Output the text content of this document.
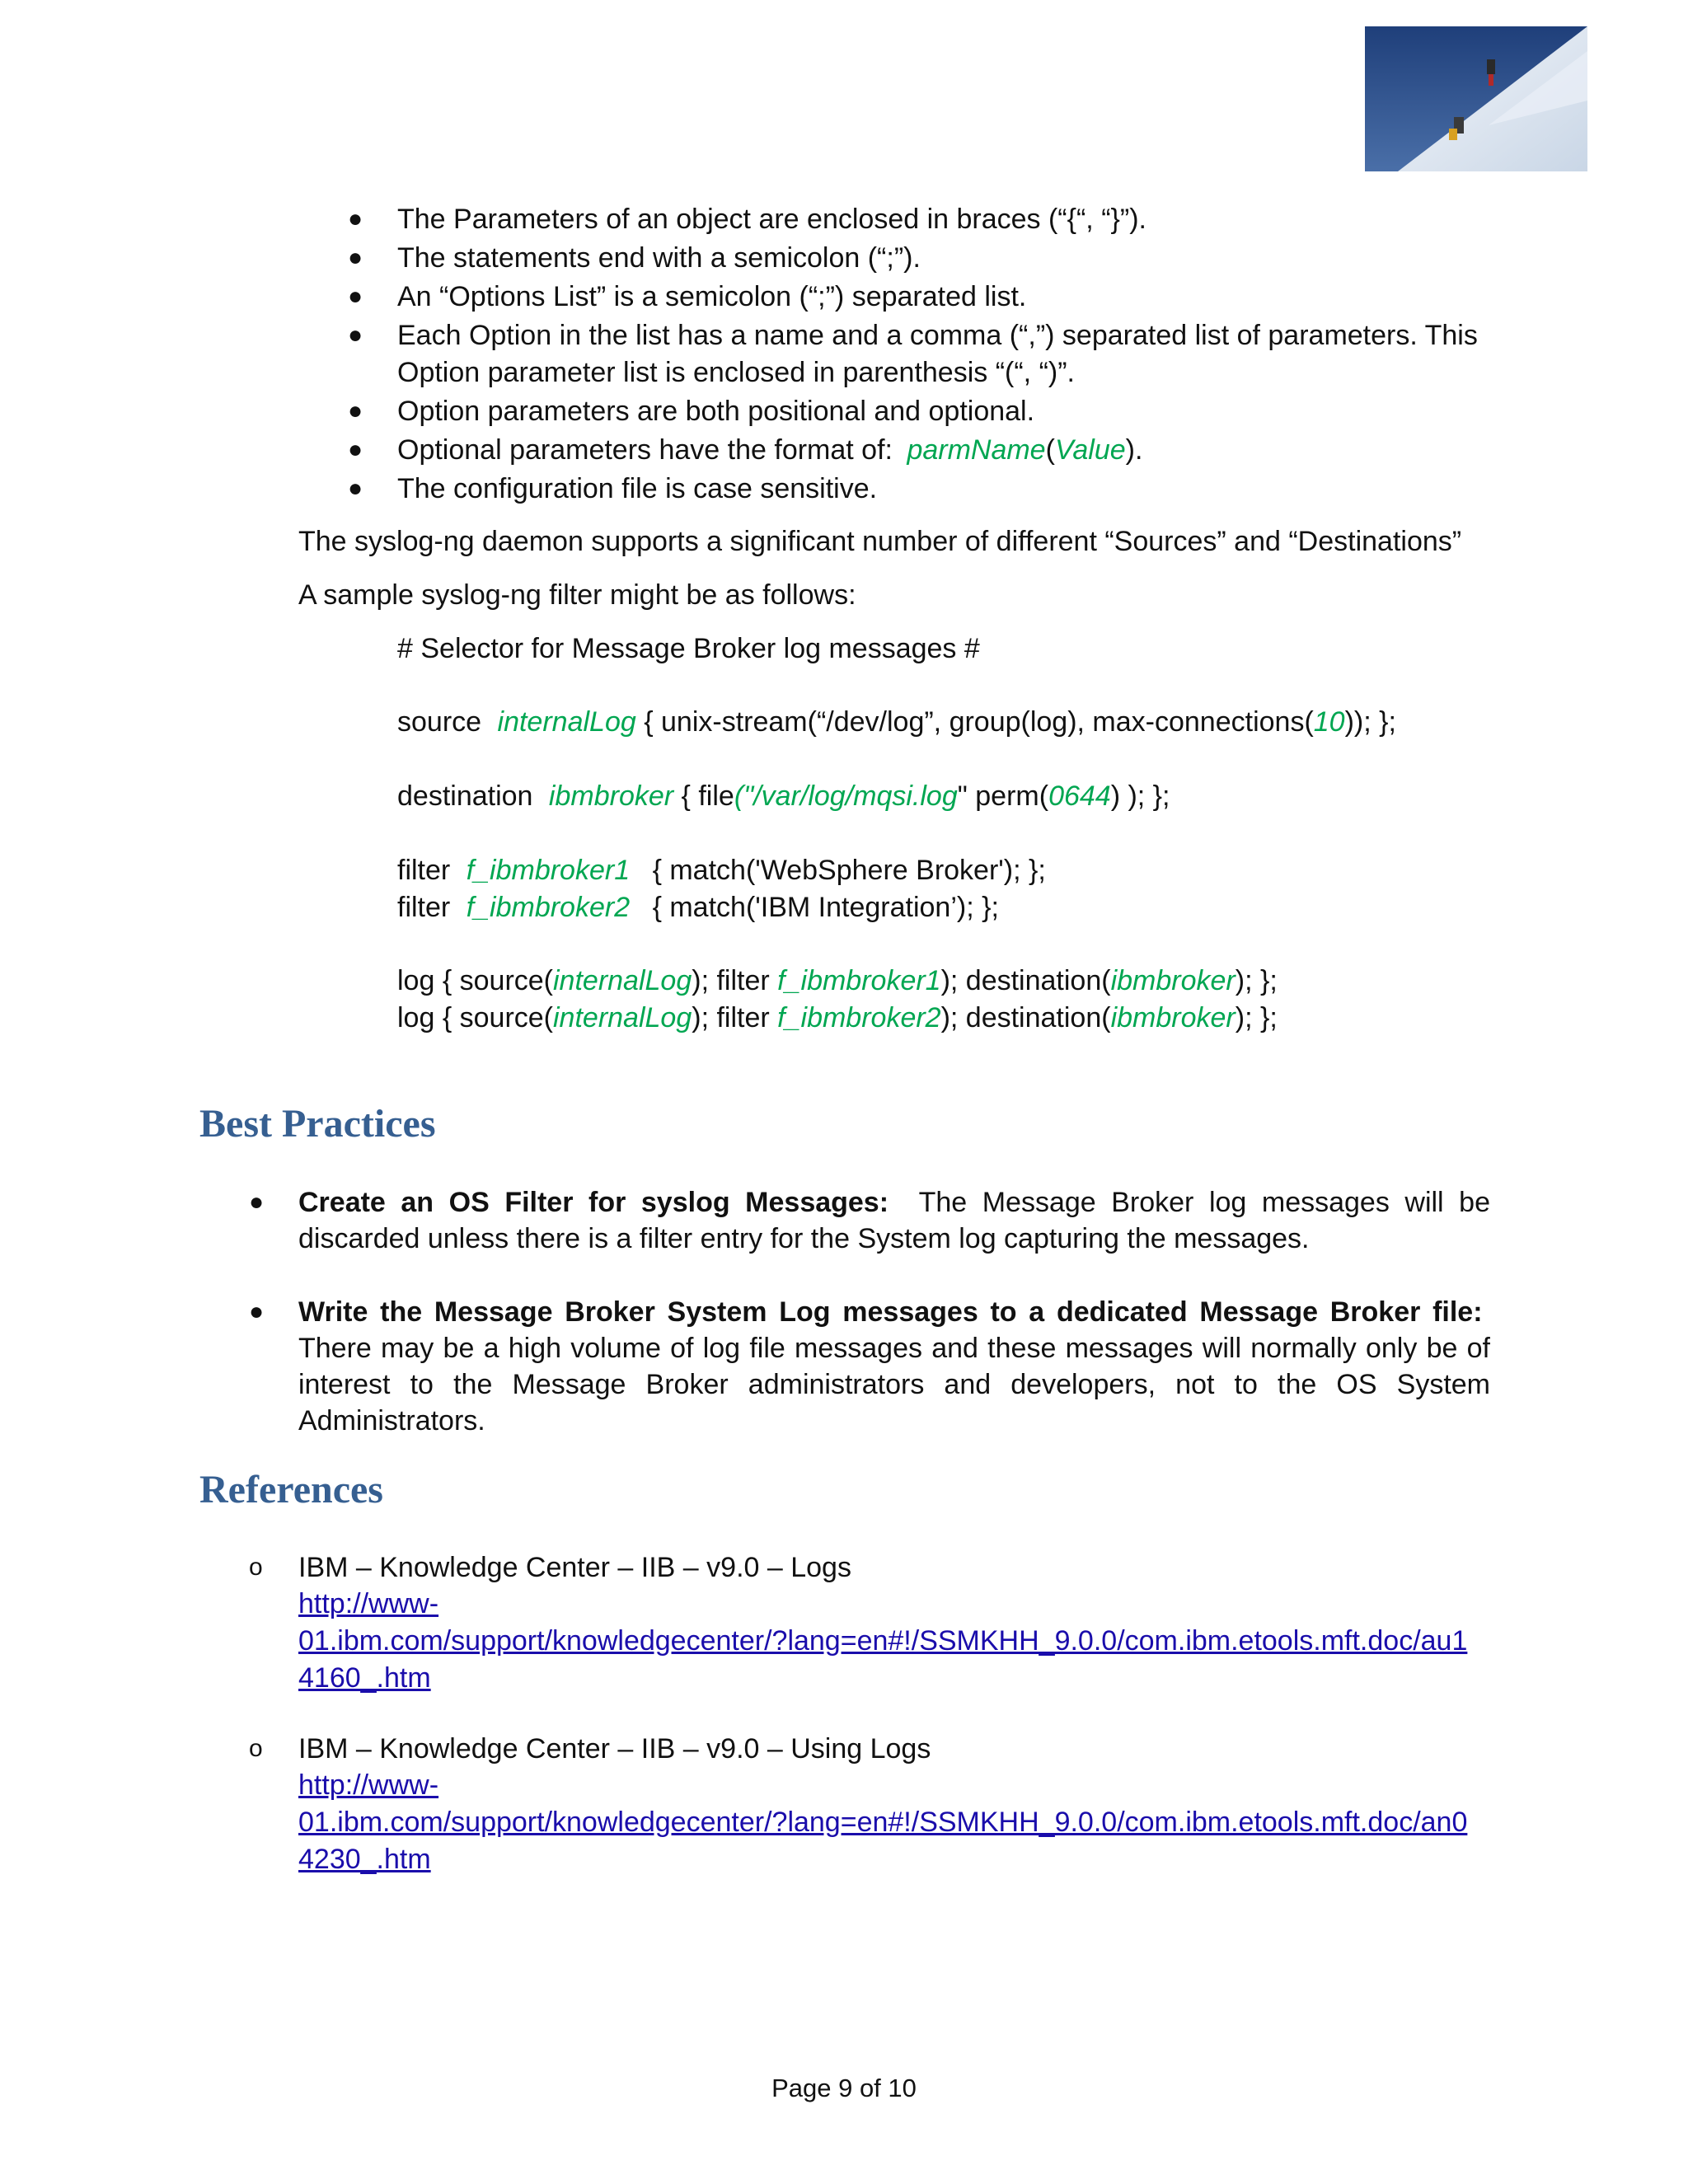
● The Parameters of an object are enclosed in braces (“{“, “}”).
● The statements end with a semicolon (“;”).
● An “Options List” is a semicolon (“;”) separated list.
● Each Option in the list has a name and a comma (“,”) separated list of parameters. This
Option parameter list is enclosed in parenthesis “(“, “)”.
● Option parameters are both positional and optional.
● Optional parameters have the format of: parmName(Value).
● The configuration file is case sensitive.
The syslog-ng daemon supports a significant number of different “Sources” and “Destinations”
A sample syslog-ng filter might be as follows:
# Selector for Message Broker log messages #
source internalLog { unix-stream(“/dev/log”, group(log), max-connections(10)); };
destination ibmbroker { file("/var/log/mqsi.log" perm(0644) ); };
filter f_ibmbroker1 { match('WebSphere Broker'); };
filter f_ibmbroker2 { match('IBM Integration’); };
log { source(internalLog); filter f_ibmbroker1); destination(ibmbroker); };
log { source(internalLog); filter f_ibmbroker2); destination(ibmbroker); };
Best Practices
● Create an OS Filter for syslog Messages: The Message Broker log messages will be discarded unless there is a filter entry for the System log capturing the messages.
● Write the Message Broker System Log messages to a dedicated Message Broker file:  There may be a high volume of log file messages and these messages will normally only be of interest to the Message Broker administrators and developers, not to the OS System Administrators.
References
o IBM – Knowledge Center – IIB – v9.0 – Logs
http://www-
01.ibm.com/support/knowledgecenter/?lang=en#!/SSMKHH_9.0.0/com.ibm.etools.mft.doc/au1
4160_.htm
o IBM – Knowledge Center – IIB – v9.0 – Using Logs
http://www-
01.ibm.com/support/knowledgecenter/?lang=en#!/SSMKHH_9.0.0/com.ibm.etools.mft.doc/an0
4230_.htm
Page 9 of 10
